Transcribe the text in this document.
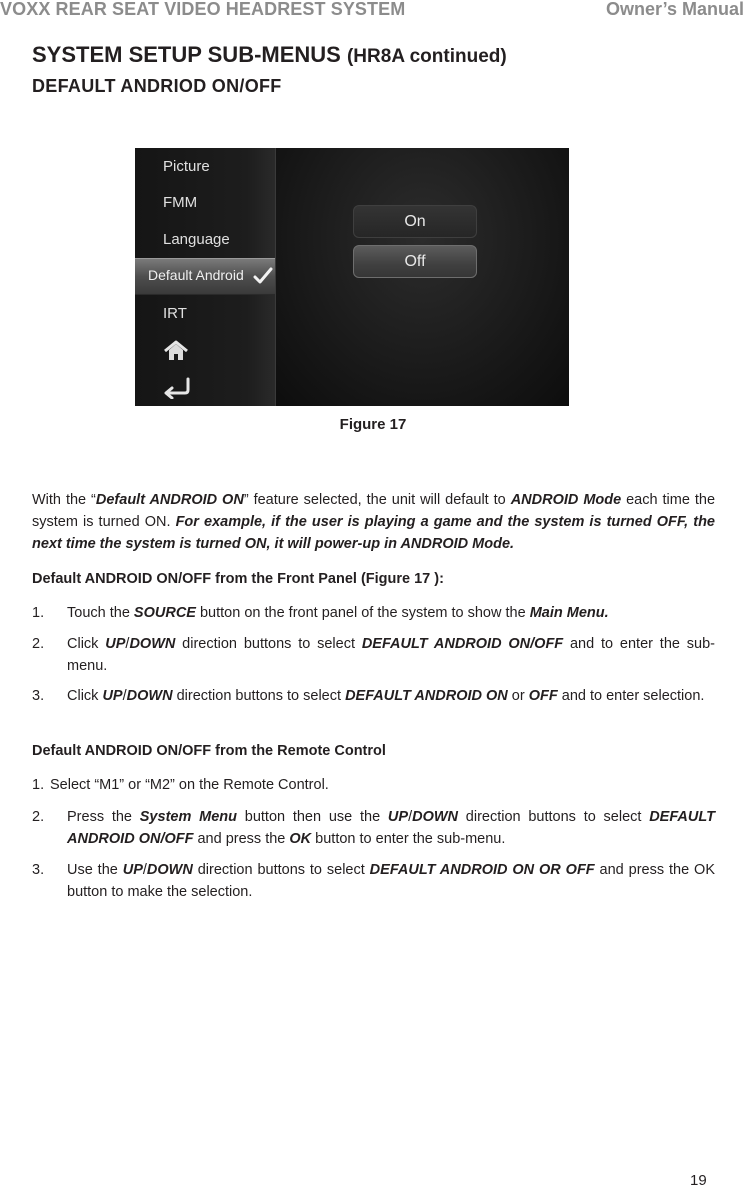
VOXX REAR SEAT VIDEO HEADREST SYSTEM	Owner’s Manual
SYSTEM SETUP SUB-MENUS (HR8A continued)
DEFAULT ANDRIOD ON/OFF
Picture
FMM
Language
Default Android
IRT
On
Off
Figure 17
With the “Default ANDROID ON” feature selected, the unit will default to ANDROID Mode each time the system is turned ON. For example, if the user is playing a game and the system is turned OFF, the next time the system is turned ON, it will power-up in ANDROID Mode.
Default ANDROID ON/OFF from the Front Panel (Figure 17 ):
1. Touch the SOURCE button on the front panel of the system to show the Main Menu.
2. Click UP/DOWN direction buttons to select DEFAULT ANDROID ON/OFF and to enter the sub-menu.
3. Click UP/DOWN direction buttons to select DEFAULT ANDROID ON or OFF and to enter selection.
Default ANDROID ON/OFF from the Remote Control
1. Select “M1” or “M2” on the Remote Control.
2. Press the System Menu button then use the UP/DOWN direction buttons to select DEFAULT ANDROID ON/OFF and press the OK button to enter the sub-menu.
3. Use the UP/DOWN direction buttons to select DEFAULT ANDROID ON OR OFF and press the OK button to make the selection.
19
